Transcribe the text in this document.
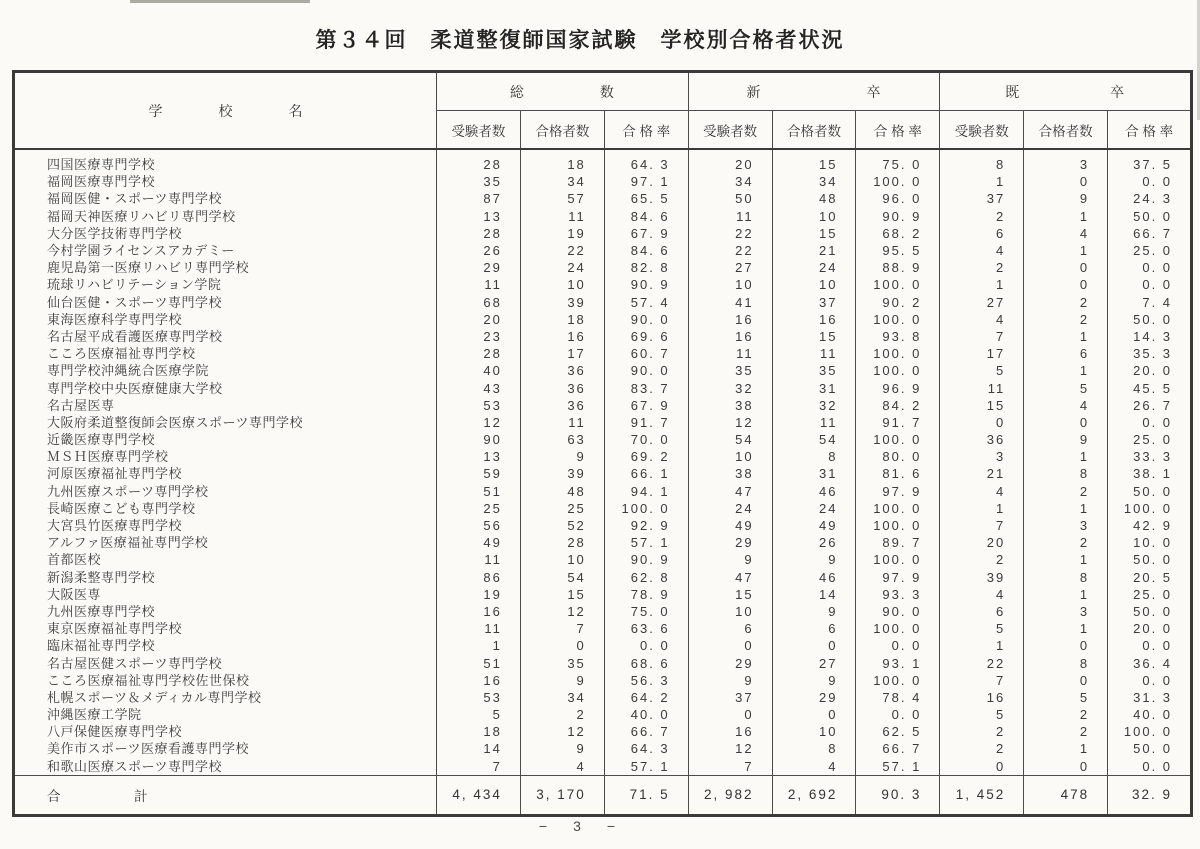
第３４回　柔道整復師国家試験　学校別合格者状況
学　　　　校　　　　名	総　　　　　数			新　　　　　　　卒			既　　　　　　卒		
	受験者数	合格者数	合 格 率	受験者数	合格者数	合 格 率	受験者数	合格者数	合 格 率
四国医療専門学校	28	18	64. 3	20	15	75. 0	8	3	37. 5
福岡医療専門学校	35	34	97. 1	34	34	100. 0	1	0	0. 0
福岡医健・スポーツ専門学校	87	57	65. 5	50	48	96. 0	37	9	24. 3
福岡天神医療リハビリ専門学校	13	11	84. 6	11	10	90. 9	2	1	50. 0
大分医学技術専門学校	28	19	67. 9	22	15	68. 2	6	4	66. 7
今村学園ライセンスアカデミー	26	22	84. 6	22	21	95. 5	4	1	25. 0
鹿児島第一医療リハビリ専門学校	29	24	82. 8	27	24	88. 9	2	0	0. 0
琉球リハビリテーション学院	11	10	90. 9	10	10	100. 0	1	0	0. 0
仙台医健・スポーツ専門学校	68	39	57. 4	41	37	90. 2	27	2	7. 4
東海医療科学専門学校	20	18	90. 0	16	16	100. 0	4	2	50. 0
名古屋平成看護医療専門学校	23	16	69. 6	16	15	93. 8	7	1	14. 3
こころ医療福祉専門学校	28	17	60. 7	11	11	100. 0	17	6	35. 3
専門学校沖縄統合医療学院	40	36	90. 0	35	35	100. 0	5	1	20. 0
専門学校中央医療健康大学校	43	36	83. 7	32	31	96. 9	11	5	45. 5
名古屋医専	53	36	67. 9	38	32	84. 2	15	4	26. 7
大阪府柔道整復師会医療スポーツ専門学校	12	11	91. 7	12	11	91. 7	0	0	0. 0
近畿医療専門学校	90	63	70. 0	54	54	100. 0	36	9	25. 0
ＭＳＨ医療専門学校	13	9	69. 2	10	8	80. 0	3	1	33. 3
河原医療福祉専門学校	59	39	66. 1	38	31	81. 6	21	8	38. 1
九州医療スポーツ専門学校	51	48	94. 1	47	46	97. 9	4	2	50. 0
長崎医療こども専門学校	25	25	100. 0	24	24	100. 0	1	1	100. 0
大宮呉竹医療専門学校	56	52	92. 9	49	49	100. 0	7	3	42. 9
アルファ医療福祉専門学校	49	28	57. 1	29	26	89. 7	20	2	10. 0
首都医校	11	10	90. 9	9	9	100. 0	2	1	50. 0
新潟柔整専門学校	86	54	62. 8	47	46	97. 9	39	8	20. 5
大阪医専	19	15	78. 9	15	14	93. 3	4	1	25. 0
九州医療専門学校	16	12	75. 0	10	9	90. 0	6	3	50. 0
東京医療福祉専門学校	11	7	63. 6	6	6	100. 0	5	1	20. 0
臨床福祉専門学校	1	0	0. 0	0	0	0. 0	1	0	0. 0
名古屋医健スポーツ専門学校	51	35	68. 6	29	27	93. 1	22	8	36. 4
こころ医療福祉専門学校佐世保校	16	9	56. 3	9	9	100. 0	7	0	0. 0
札幌スポーツ＆メディカル専門学校	53	34	64. 2	37	29	78. 4	16	5	31. 3
沖縄医療工学院	5	2	40. 0	0	0	0. 0	5	2	40. 0
八戸保健医療専門学校	18	12	66. 7	16	10	62. 5	2	2	100. 0
美作市スポーツ医療看護専門学校	14	9	64. 3	12	8	66. 7	2	1	50. 0
和歌山医療スポーツ専門学校	7	4	57. 1	7	4	57. 1	0	0	0. 0
合　　　　　計	4, 434	3, 170	71. 5	2, 982	2, 692	90. 3	1, 452	478	32. 9
−　3　−
